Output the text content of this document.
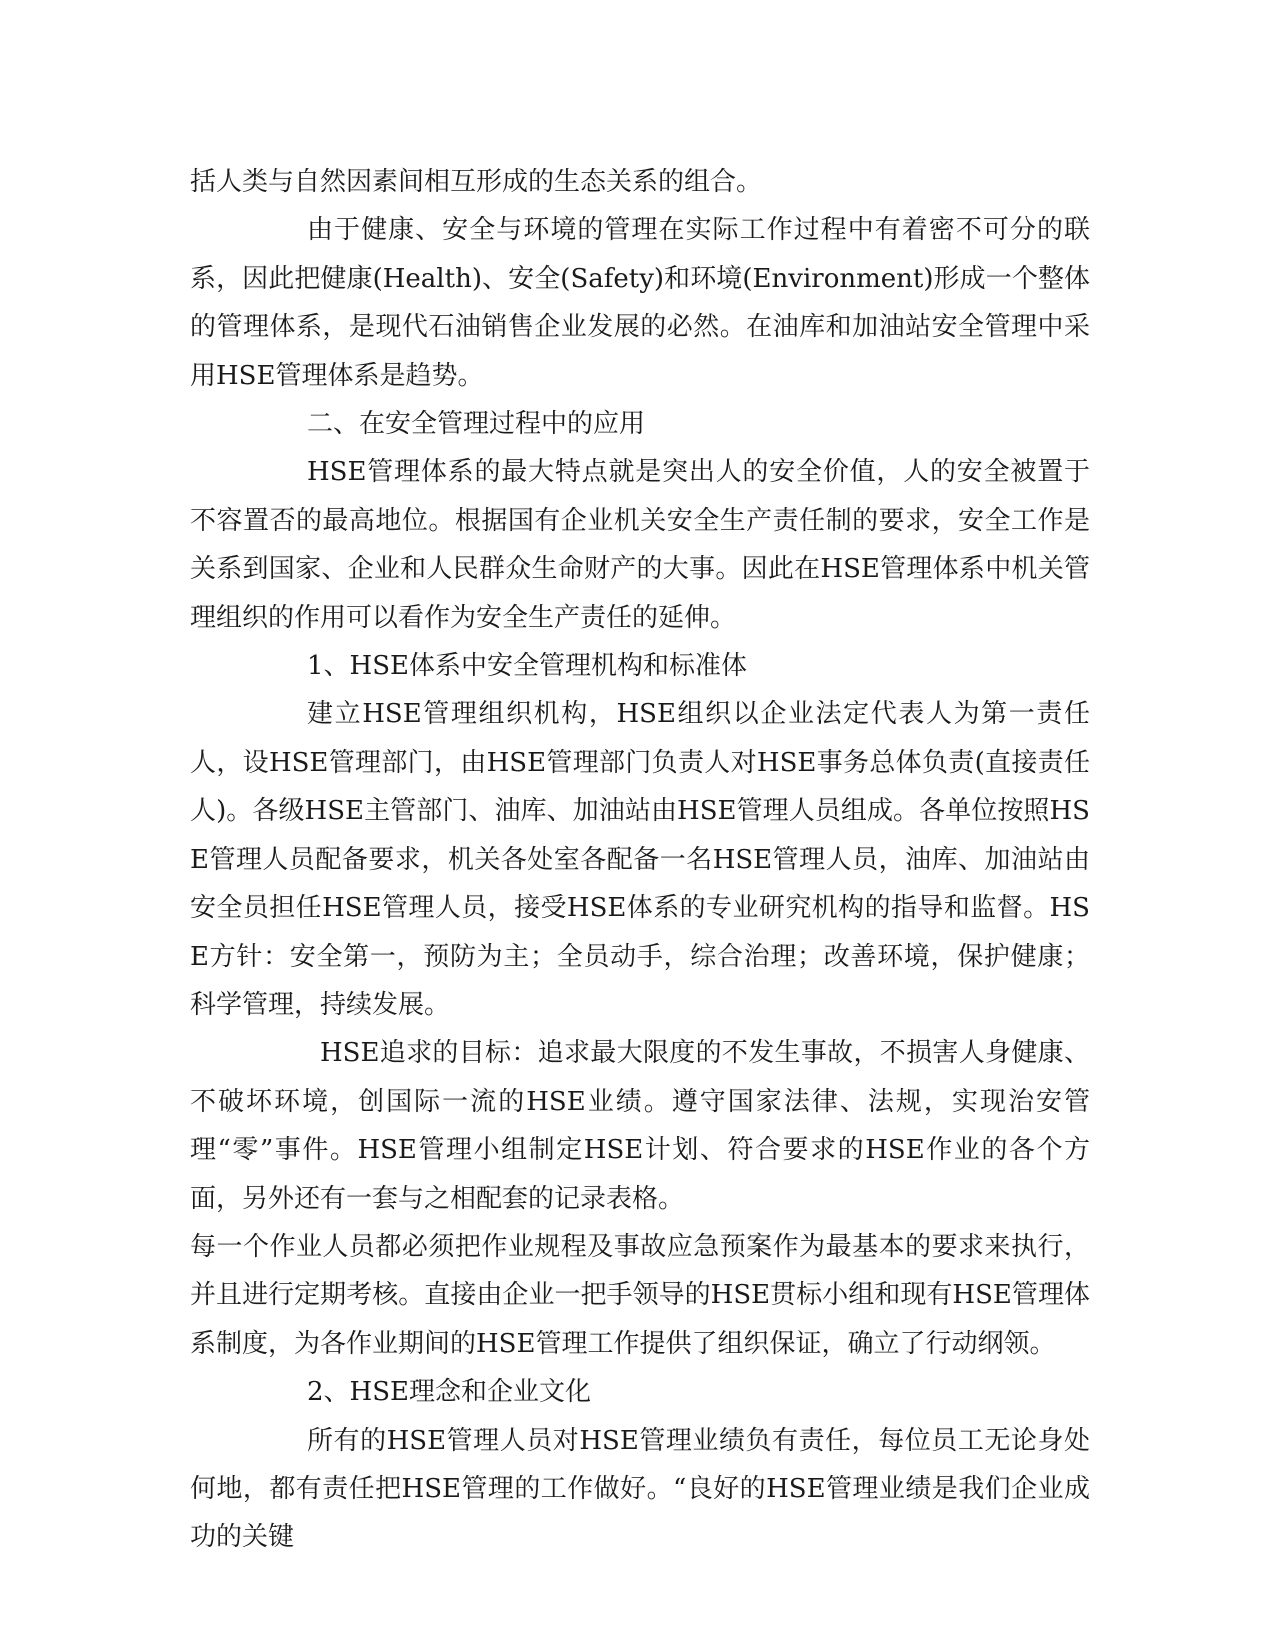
括人类与自然因素间相互形成的生态关系的组合。

由于健康、安全与环境的管理在实际工作过程中有着密不可分的联系，因此把健康(Health)、安全(Safety)和环境(Environment)形成一个整体的管理体系，是现代石油销售企业发展的必然。在油库和加油站安全管理中采用HSE管理体系是趋势。

二、在安全管理过程中的应用

HSE管理体系的最大特点就是突出人的安全价值，人的安全被置于不容置否的最高地位。根据国有企业机关安全生产责任制的要求，安全工作是关系到国家、企业和人民群众生命财产的大事。因此在HSE管理体系中机关管理组织的作用可以看作为安全生产责任的延伸。

1、HSE体系中安全管理机构和标准体

建立HSE管理组织机构，HSE组织以企业法定代表人为第一责任人，设HSE管理部门，由HSE管理部门负责人对HSE事务总体负责(直接责任人)。各级HSE主管部门、油库、加油站由HSE管理人员组成。各单位按照HSE管理人员配备要求，机关各处室各配备一名HSE管理人员，油库、加油站由安全员担任HSE管理人员，接受HSE体系的专业研究机构的指导和监督。HSE方针：安全第一，预防为主；全员动手，综合治理；改善环境，保护健康；科学管理，持续发展。

HSE追求的目标：追求最大限度的不发生事故，不损害人身健康、不破坏环境，创国际一流的HSE业绩。遵守国家法律、法规，实现治安管理“零”事件。HSE管理小组制定HSE计划、符合要求的HSE作业的各个方面，另外还有一套与之相配套的记录表格。

每一个作业人员都必须把作业规程及事故应急预案作为最基本的要求来执行，并且进行定期考核。直接由企业一把手领导的HSE贯标小组和现有HSE管理体系制度，为各作业期间的HSE管理工作提供了组织保证，确立了行动纲领。

2、HSE理念和企业文化

所有的HSE管理人员对HSE管理业绩负有责任，每位员工无论身处何地，都有责任把HSE管理的工作做好。“良好的HSE管理业绩是我们企业成功的关键
